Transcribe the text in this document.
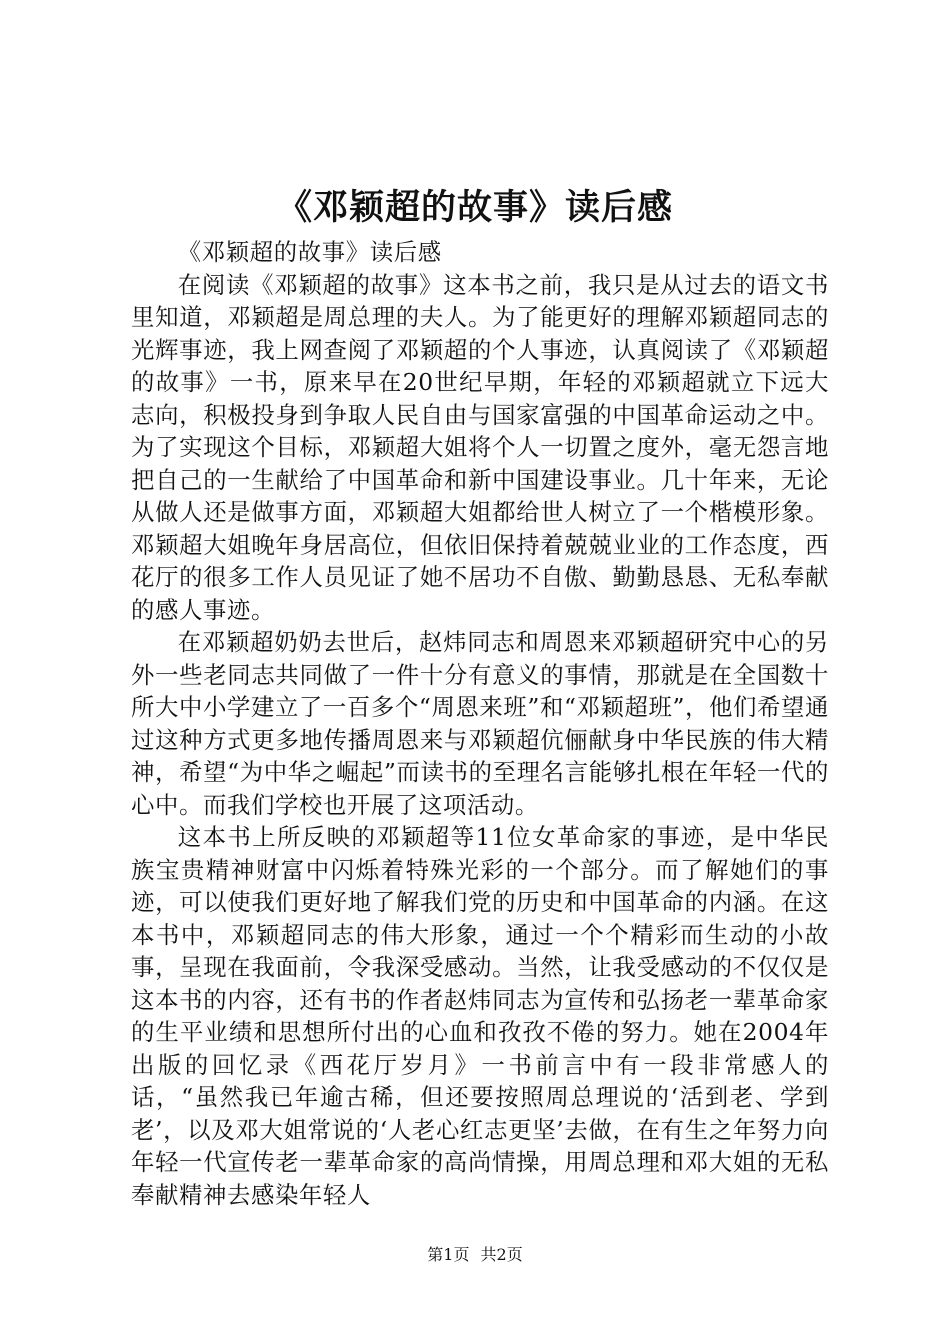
《邓颖超的故事》读后感

《邓颖超的故事》读后感

在阅读《邓颖超的故事》这本书之前，我只是从过去的语文书里知道，邓颖超是周总理的夫人。为了能更好的理解邓颖超同志的光辉事迹，我上网查阅了邓颖超的个人事迹，认真阅读了《邓颖超的故事》一书，原来早在20世纪早期，年轻的邓颖超就立下远大志向，积极投身到争取人民自由与国家富强的中国革命运动之中。为了实现这个目标，邓颖超大姐将个人一切置之度外，毫无怨言地把自己的一生献给了中国革命和新中国建设事业。几十年来，无论从做人还是做事方面，邓颖超大姐都给世人树立了一个楷模形象。邓颖超大姐晚年身居高位，但依旧保持着兢兢业业的工作态度，西花厅的很多工作人员见证了她不居功不自傲、勤勤恳恳、无私奉献的感人事迹。

在邓颖超奶奶去世后，赵炜同志和周恩来邓颖超研究中心的另外一些老同志共同做了一件十分有意义的事情，那就是在全国数十所大中小学建立了一百多个“周恩来班”和“邓颖超班”，他们希望通过这种方式更多地传播周恩来与邓颖超伉俪献身中华民族的伟大精神，希望“为中华之崛起”而读书的至理名言能够扎根在年轻一代的心中。而我们学校也开展了这项活动。

这本书上所反映的邓颖超等11位女革命家的事迹，是中华民族宝贵精神财富中闪烁着特殊光彩的一个部分。而了解她们的事迹，可以使我们更好地了解我们党的历史和中国革命的内涵。在这本书中，邓颖超同志的伟大形象，通过一个个精彩而生动的小故事，呈现在我面前，令我深受感动。当然，让我受感动的不仅仅是这本书的内容，还有书的作者赵炜同志为宣传和弘扬老一辈革命家的生平业绩和思想所付出的心血和孜孜不倦的努力。她在2004年出版的回忆录《西花厅岁月》一书前言中有一段非常感人的话，“虽然我已年逾古稀，但还要按照周总理说的‘活到老、学到老’，以及邓大姐常说的‘人老心红志更坚’去做，在有生之年努力向年轻一代宣传老一辈革命家的高尚情操，用周总理和邓大姐的无私奉献精神去感染年轻人

第1页 共2页
